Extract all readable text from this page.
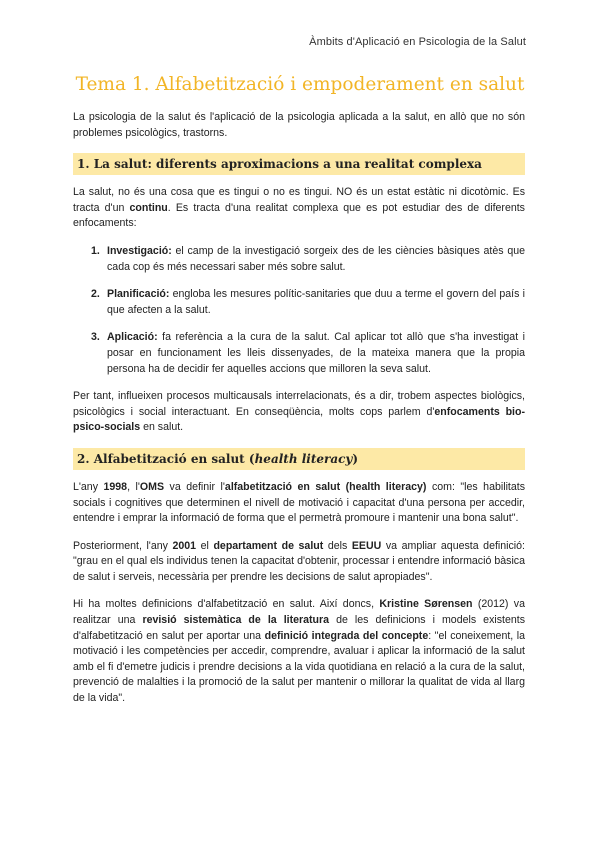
Àmbits d'Aplicació en Psicologia de la Salut
Tema 1. Alfabetització i empoderament en salut

La psicologia de la salut és l'aplicació de la psicologia aplicada a la salut, en allò que no són problemes psicològics, trastorns.

1. La salut: diferents aproximacions a una realitat complexa

La salut, no és una cosa que es tingui o no es tingui. NO és un estat estàtic ni dicotòmic. Es tracta d'un continu. Es tracta d'una realitat complexa que es pot estudiar des de diferents enfocaments:

1. Investigació: el camp de la investigació sorgeix des de les ciències bàsiques atès que cada cop és més necessari saber més sobre salut.
2. Planificació: engloba les mesures polític-sanitaries que duu a terme el govern del país i que afecten a la salut.
3. Aplicació: fa referència a la cura de la salut. Cal aplicar tot allò que s'ha investigat i posar en funcionament les lleis dissenyades, de la mateixa manera que la propia persona ha de decidir fer aquelles accions que milloren la seva salut.

Per tant, influeixen procesos multicausals interrelacionats, és a dir, trobem aspectes biològics, psicològics i social interactuant. En conseqüència, molts cops parlem d'enfocaments bio-psico-socials en salut.

2. Alfabetització en salut ( health literacy )

L'any 1998, l'OMS va definir l'alfabetització en salut (health literacy) com: "les habilitats socials i cognitives que determinen el nivell de motivació i capacitat d'una persona per accedir, entendre i emprar la informació de forma que el permetrà promoure i mantenir una bona salut".

Posteriorment, l'any 2001 el departament de salut dels EEUU va ampliar aquesta definició: "grau en el qual els individus tenen la capacitat d'obtenir, processar i entendre informació bàsica de salut i serveis, necessària per prendre les decisions de salut apropiades".

Hi ha moltes definicions d'alfabetització en salut. Així doncs, Kristine Sørensen (2012) va realitzar una revisió sistemàtica de la literatura de les definicions i models existents d'alfabetització en salut per aportar una definició integrada del concepte: "el coneixement, la motivació i les competències per accedir, comprendre, avaluar i aplicar la informació de la salut amb el fi d'emetre judicis i prendre decisions a la vida quotidiana en relació a la cura de la salut, prevenció de malalties i la promoció de la salut per mantenir o millorar la qualitat de vida al llarg de la vida".
